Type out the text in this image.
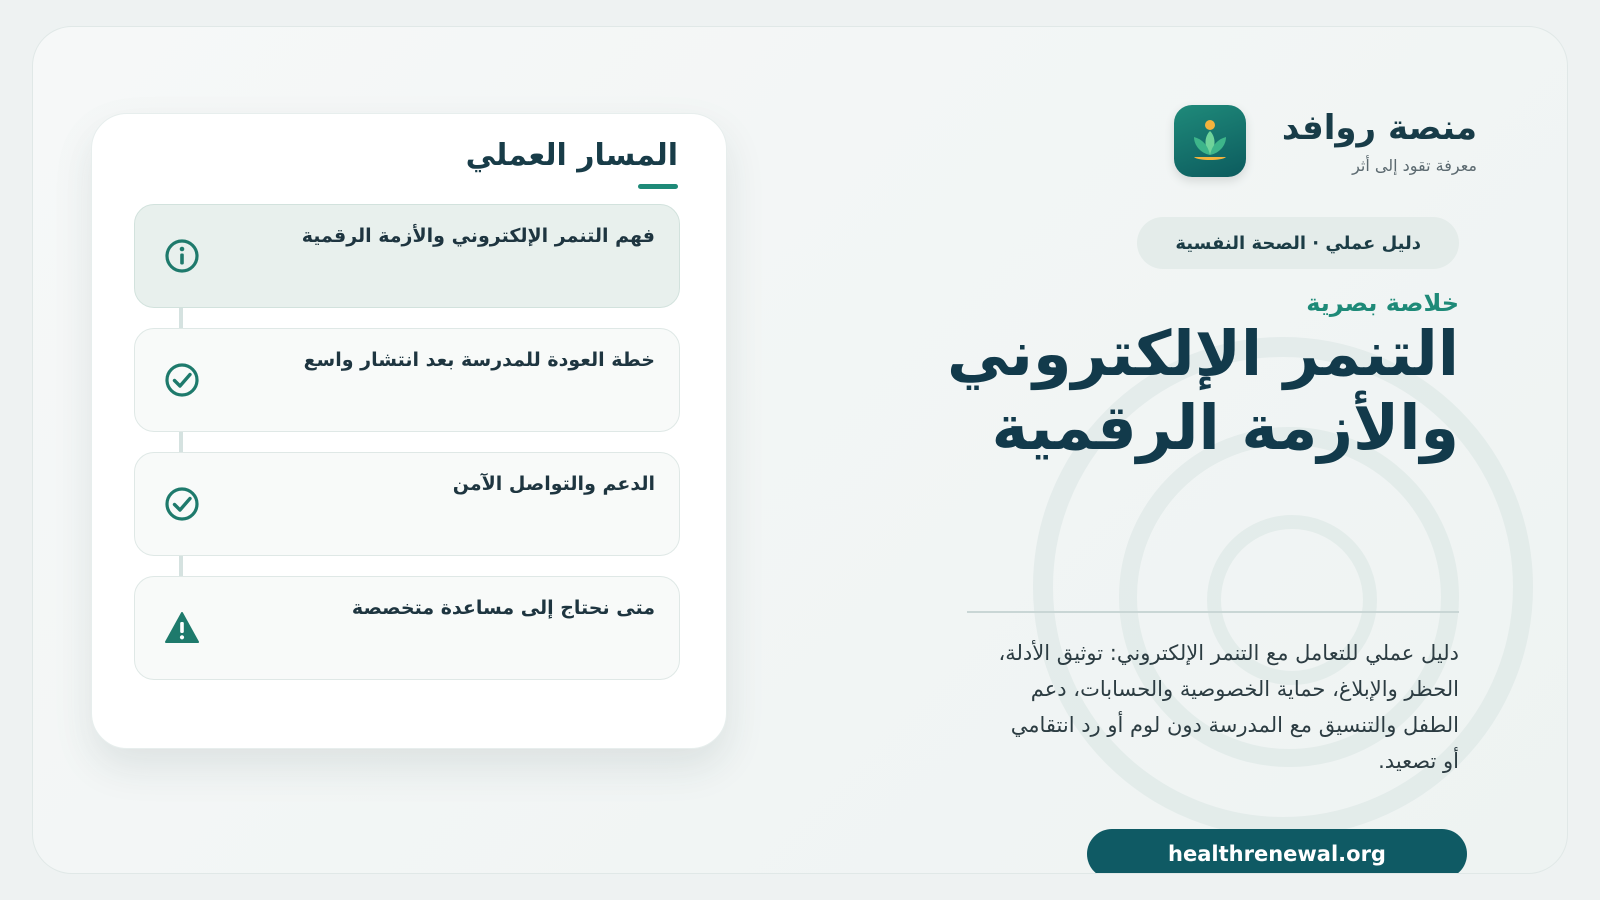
منصة روافد
معرفة تقود إلى أثر
دليل عملي · الصحة النفسية
خلاصة بصرية
التنمر الإلكتروني والأزمة الرقمية
دليل عملي للتعامل مع التنمر الإلكتروني: توثيق الأدلة، الحظر والإبلاغ، حماية الخصوصية والحسابات، دعم الطفل والتنسيق مع المدرسة دون لوم أو رد انتقامي أو تصعيد.
healthrenewal.org
المسار العملي
فهم التنمر الإلكتروني والأزمة الرقمية
خطة العودة للمدرسة بعد انتشار واسع
الدعم والتواصل الآمن
متى نحتاج إلى مساعدة متخصصة
